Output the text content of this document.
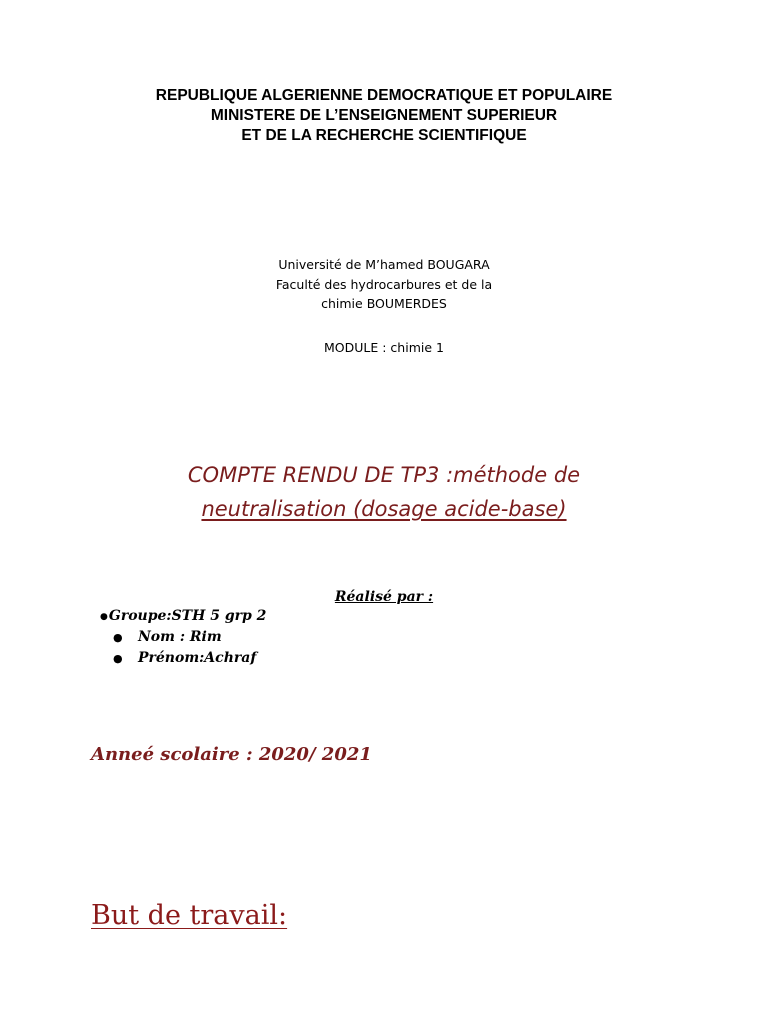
REPUBLIQUE ALGERIENNE DEMOCRATIQUE ET POPULAIRE
MINISTERE DE L’ENSEIGNEMENT SUPERIEUR
ET DE LA RECHERCHE SCIENTIFIQUE
Université de M’hamed BOUGARA
Faculté des hydrocarbures et de la
chimie BOUMERDES
MODULE : chimie 1
COMPTE RENDU DE TP3 :méthode de
neutralisation (dosage acide-base)
Réalisé par :
●Groupe:STH 5 grp 2
● Nom : Rim
● Prénom:Achraf
Anneé scolaire : 2020/ 2021
But de travail:
